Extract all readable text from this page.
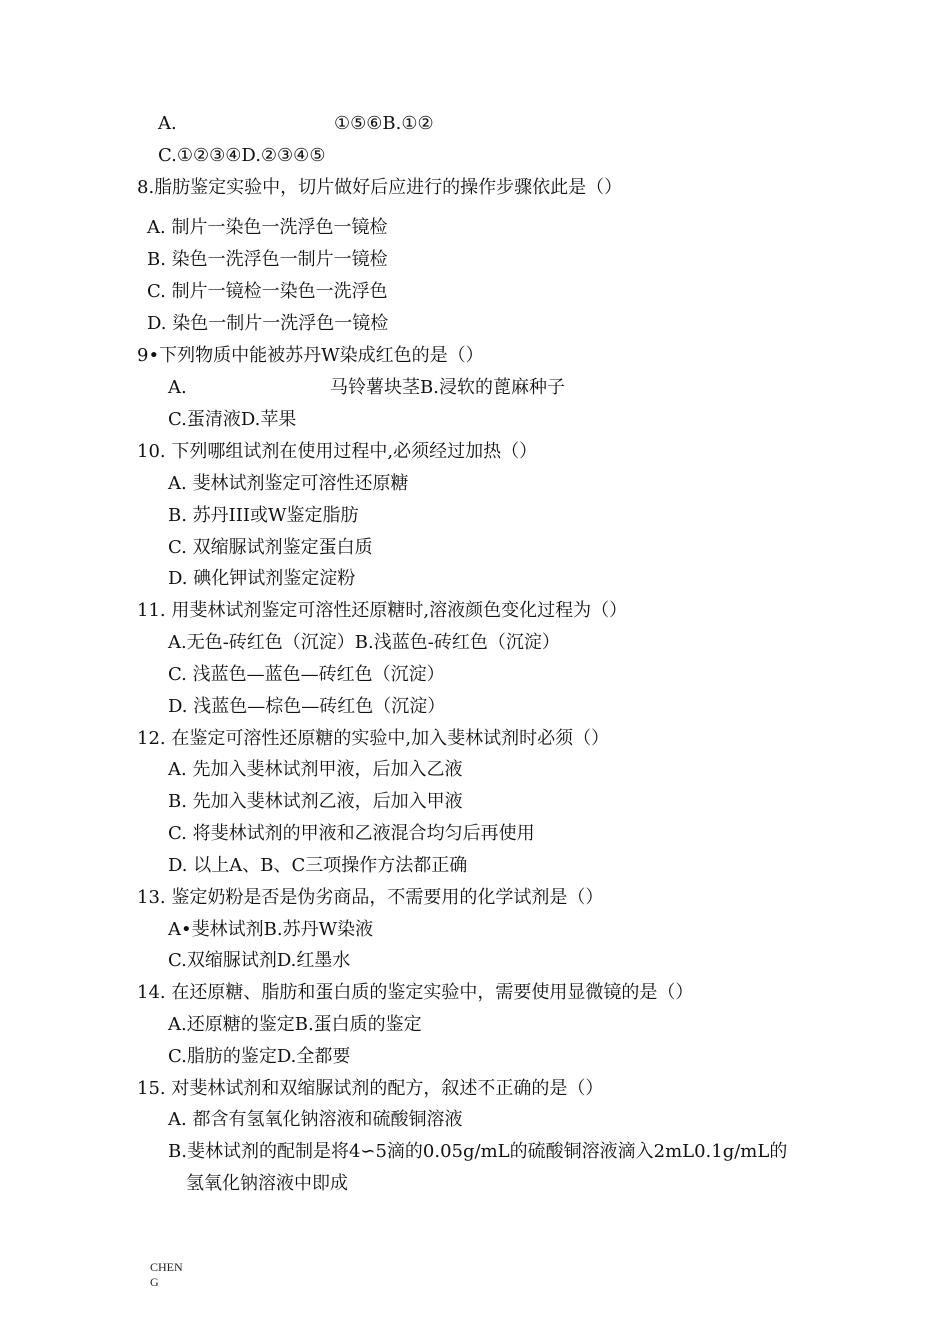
A.	①⑤⑥B.①②
C.①②③④D.②③④⑤
8.脂肪鉴定实验中，切片做好后应进行的操作步骤依此是（）
A. 制片一染色一洗浮色一镜检
B. 染色一洗浮色一制片一镜检
C. 制片一镜检一染色一洗浮色
D. 染色一制片一洗浮色一镜检
9•下列物质中能被苏丹W染成红色的是（）
A.	马铃薯块茎B.浸软的蓖麻种子
C.蛋清液D.苹果
10. 下列哪组试剂在使用过程中,必须经过加热（）
A. 斐林试剂鉴定可溶性还原糖
B. 苏丹III或W鉴定脂肪
C. 双缩脲试剂鉴定蛋白质
D. 碘化钾试剂鉴定淀粉
11. 用斐林试剂鉴定可溶性还原糖时,溶液颜色变化过程为（）
A.无色-砖红色（沉淀）B.浅蓝色-砖红色（沉淀）
C. 浅蓝色—蓝色—砖红色（沉淀）
D. 浅蓝色—棕色—砖红色（沉淀）
12. 在鉴定可溶性还原糖的实验中,加入斐林试剂时必须（）
A. 先加入斐林试剂甲液，后加入乙液
B. 先加入斐林试剂乙液，后加入甲液
C. 将斐林试剂的甲液和乙液混合均匀后再使用
D. 以上A、B、C三项操作方法都正确
13. 鉴定奶粉是否是伪劣商品，不需要用的化学试剂是（）
A•斐林试剂B.苏丹W染液
C.双缩脲试剂D.红墨水
14. 在还原糖、脂肪和蛋白质的鉴定实验中，需要使用显微镜的是（）
A.还原糖的鉴定B.蛋白质的鉴定
C.脂肪的鉴定D.全都要
15. 对斐林试剂和双缩脲试剂的配方，叙述不正确的是（）
A. 都含有氢氧化钠溶液和硫酸铜溶液
B.斐林试剂的配制是将4∽5滴的0.05g/mL的硫酸铜溶液滴入2mL0.1g/mL的
氢氧化钠溶液中即成
CHEN
G
